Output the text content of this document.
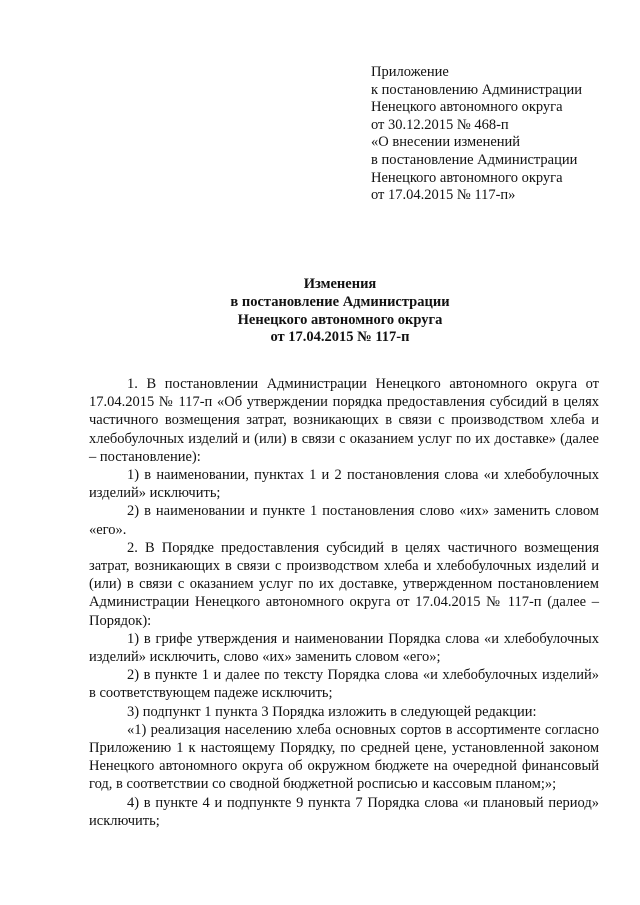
Приложение
к постановлению Администрации
Ненецкого автономного округа
от 30.12.2015 № 468-п
«О внесении изменений
в постановление Администрации
Ненецкого автономного округа
от 17.04.2015 № 117-п»
Изменения
в постановление Администрации
Ненецкого автономного округа
от 17.04.2015 № 117-п

1. В постановлении Администрации Ненецкого автономного округа от 17.04.2015 № 117-п «Об утверждении порядка предоставления субсидий в целях частичного возмещения затрат, возникающих в связи с производством хлеба и хлебобулочных изделий и (или) в связи с оказанием услуг по их доставке» (далее – постановление):

1) в наименовании, пунктах 1 и 2 постановления слова «и хлебобулочных изделий» исключить;

2) в наименовании и пункте 1 постановления слово «их» заменить словом «его».

2. В Порядке предоставления субсидий в целях частичного возмещения затрат, возникающих в связи с производством хлеба и хлебобулочных изделий и (или) в связи с оказанием услуг по их доставке, утвержденном постановлением Администрации Ненецкого автономного округа от 17.04.2015 № 117-п (далее – Порядок):

1) в грифе утверждения и наименовании Порядка слова «и хлебобулочных изделий» исключить, слово «их» заменить словом «его»;

2) в пункте 1 и далее по тексту Порядка слова «и хлебобулочных изделий» в соответствующем падеже исключить;

3) подпункт 1 пункта 3 Порядка изложить в следующей редакции:

«1) реализация населению хлеба основных сортов в ассортименте согласно Приложению 1 к настоящему Порядку, по средней цене, установленной законом Ненецкого автономного округа об окружном бюджете на очередной финансовый год, в соответствии со сводной бюджетной росписью и кассовым планом;»;

4) в пункте 4 и подпункте 9 пункта 7 Порядка слова «и плановый период» исключить;
